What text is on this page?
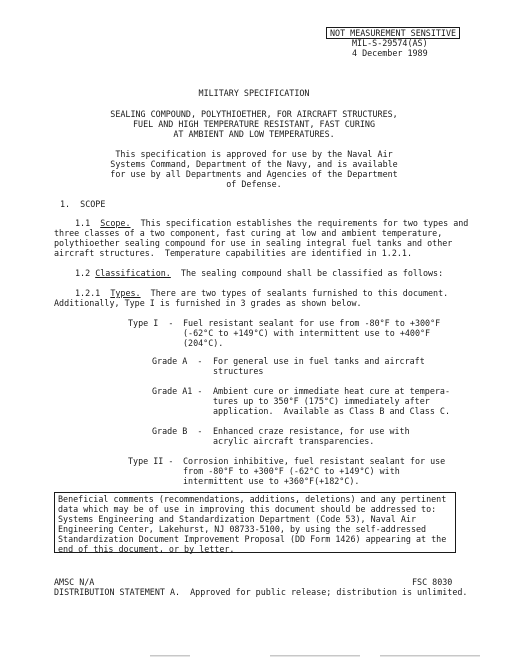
NOT MEASUREMENT SENSITIVE
MIL-S-29574(AS)
4 December 1989
MILITARY SPECIFICATION
SEALING COMPOUND, POLYTHIOETHER, FOR AIRCRAFT STRUCTURES,
FUEL AND HIGH TEMPERATURE RESISTANT, FAST CURING
AT AMBIENT AND LOW TEMPERATURES.
This specification is approved for use by the Naval Air
Systems Command, Department of the Navy, and is available
for use by all Departments and Agencies of the Department
of Defense.
1.  SCOPE
1.1 Scope. This specification establishes the requirements for two types and
three classes of a two component, fast curing at low and ambient temperature,
polythioether sealing compound for use in sealing integral fuel tanks and other
aircraft structures.  Temperature capabilities are identified in 1.2.1.
1.2 Classification. The sealing compound shall be classified as follows:
1.2.1 Types. There are two types of sealants furnished to this document.
Additionally, Type I is furnished in 3 grades as shown below.
Type I  - Fuel resistant sealant for use from -80°F to +300°F
(-62°C to +149°C) with intermittent use to +400°F
(204°C).
Grade A  - For general use in fuel tanks and aircraft
structures
Grade A1 - Ambient cure or immediate heat cure at tempera-
tures up to 350°F (175°C) immediately after
application.  Available as Class B and Class C.
Grade B  - Enhanced craze resistance, for use with
acrylic aircraft transparencies.
Type II - Corrosion inhibitive, fuel resistant sealant for use
from -80°F to +300°F (-62°C to +149°C) with
intermittent use to +360°F(+182°C).
Beneficial comments (recommendations, additions, deletions) and any pertinent
data which may be of use in improving this document should be addressed to:
Systems Engineering and Standardization Department (Code 53), Naval Air
Engineering Center, Lakehurst, NJ 08733-5100, by using the self-addressed
Standardization Document Improvement Proposal (DD Form 1426) appearing at the
end of this document, or by letter.
AMSC N/A	FSC 8030
DISTRIBUTION STATEMENT A.  Approved for public release; distribution is unlimited.
